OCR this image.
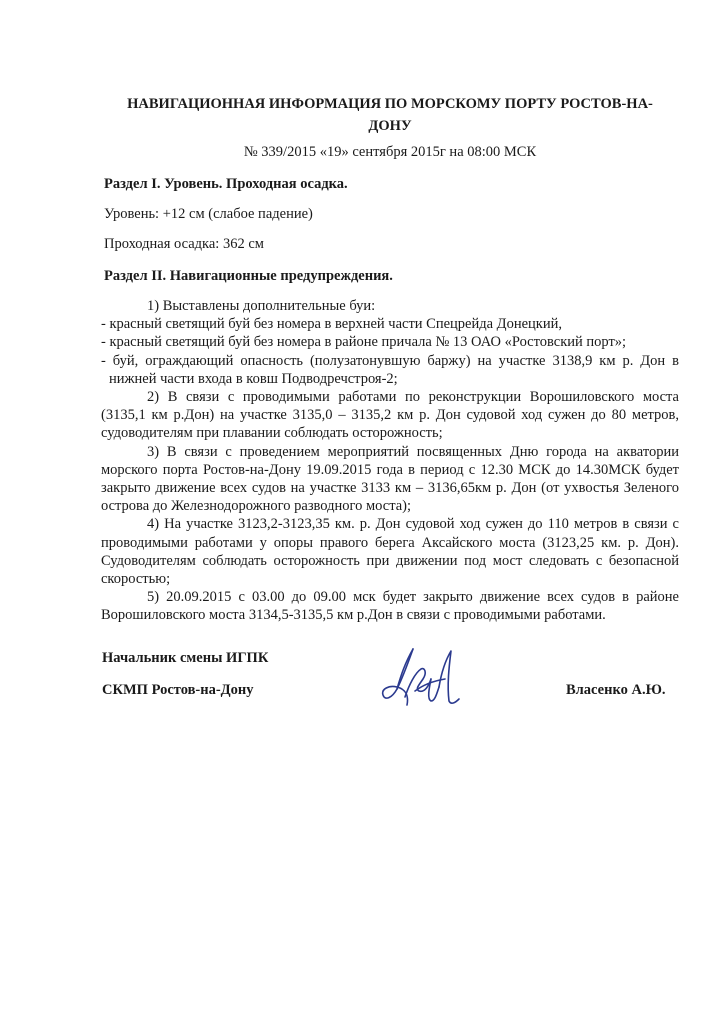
НАВИГАЦИОННАЯ ИНФОРМАЦИЯ ПО МОРСКОМУ ПОРТУ РОСТОВ-НА-ДОНУ
№ 339/2015 «19» сентября 2015г на 08:00 МСК
Раздел I. Уровень. Проходная осадка.
Уровень: +12 см (слабое падение)
Проходная осадка: 362 см
Раздел II. Навигационные предупреждения.

1) Выставлены дополнительные буи:

- красный светящий буй без номера в верхней части Спецрейда Донецкий,

- красный светящий буй без номера в районе причала № 13 ОАО «Ростовский порт»;

- буй, ограждающий опасность (полузатонувшую баржу) на участке 3138,9 км р. Дон в

нижней части входа в ковш Подводречстроя-2;

2) В связи с проводимыми работами по реконструкции Ворошиловского моста

(3135,1 км р.Дон) на участке 3135,0 – 3135,2 км р. Дон судовой ход сужен до 80 метров,

судоводителям при плавании соблюдать осторожность;

3) В связи с проведением мероприятий посвященных Дню города на акватории

морского порта Ростов-на-Дону 19.09.2015 года в период с 12.30 МСК до 14.30МСК будет

закрыто движение всех судов на участке 3133 км – 3136,65км р. Дон (от ухвостья Зеленого

острова до Железнодорожного разводного моста);

4) На участке 3123,2-3123,35 км. р. Дон судовой ход сужен до 110 метров в связи с

проводимыми работами у опоры правого берега Аксайского моста (3123,25 км. р. Дон).

Судоводителям соблюдать осторожность при движении под мост следовать с безопасной

скоростью;

5) 20.09.2015 с 03.00 до 09.00 мск будет закрыто движение всех судов в районе

Ворошиловского моста 3134,5-3135,5 км р.Дон в связи с проводимыми работами.

Начальник смены ИГПК
СКМП Ростов-на-Дону	Власенко А.Ю.
